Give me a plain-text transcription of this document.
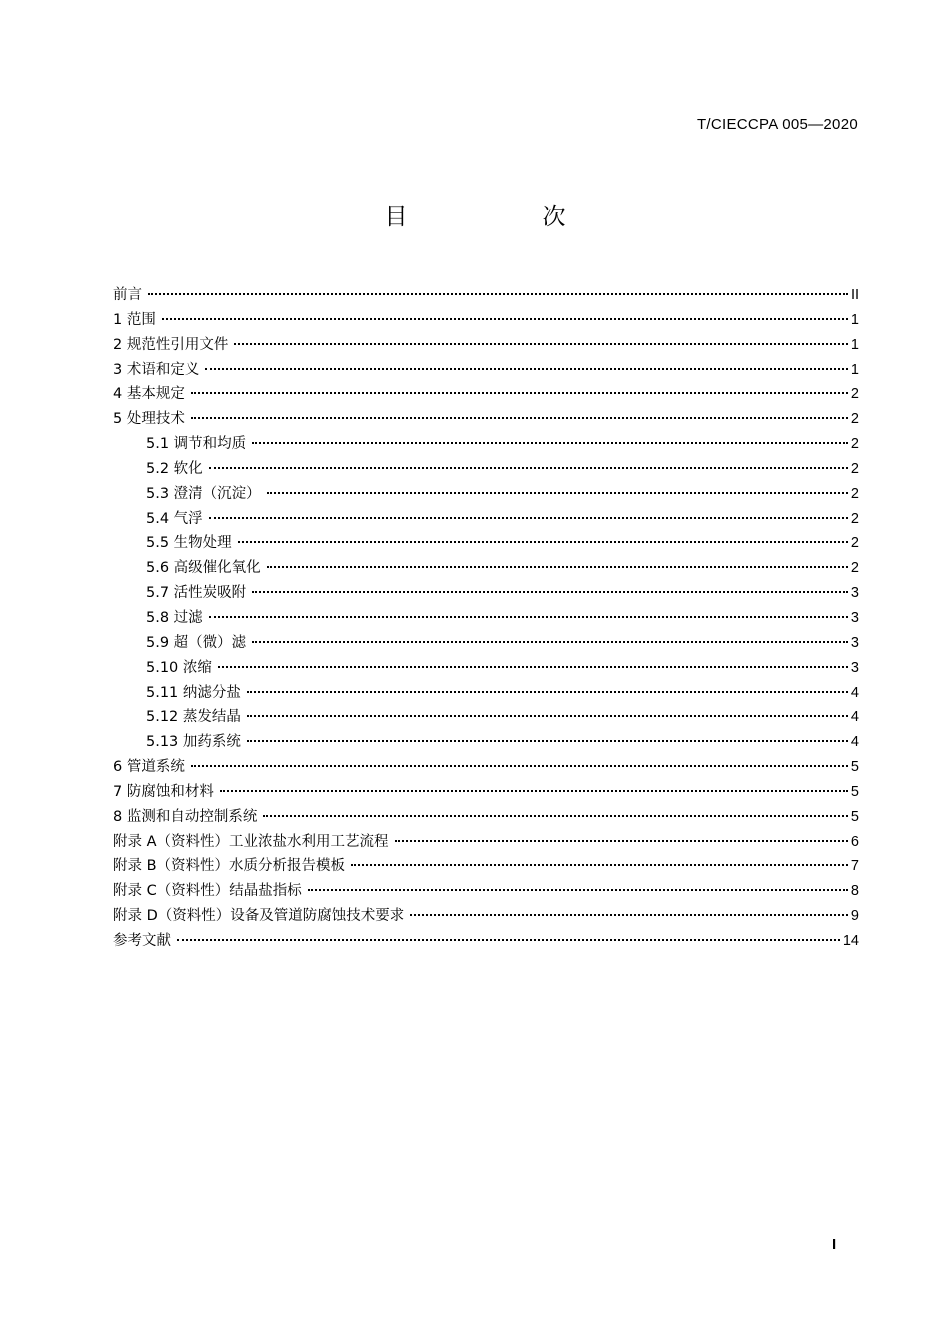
T/CIECCPA 005—2020
目　次
前言	II
1 范围	1
2 规范性引用文件	1
3 术语和定义	1
4 基本规定	2
5 处理技术	2
5.1 调节和均质	2
5.2 软化	2
5.3 澄清（沉淀）	2
5.4 气浮	2
5.5 生物处理	2
5.6 高级催化氧化	2
5.7 活性炭吸附	3
5.8 过滤	3
5.9 超（微）滤	3
5.10 浓缩	3
5.11 纳滤分盐	4
5.12 蒸发结晶	4
5.13 加药系统	4
6 管道系统	5
7 防腐蚀和材料	5
8 监测和自动控制系统	5
附录 A（资料性）工业浓盐水利用工艺流程	6
附录 B（资料性）水质分析报告模板	7
附录 C（资料性）结晶盐指标	8
附录 D（资料性）设备及管道防腐蚀技术要求	9
参考文献	14
I
